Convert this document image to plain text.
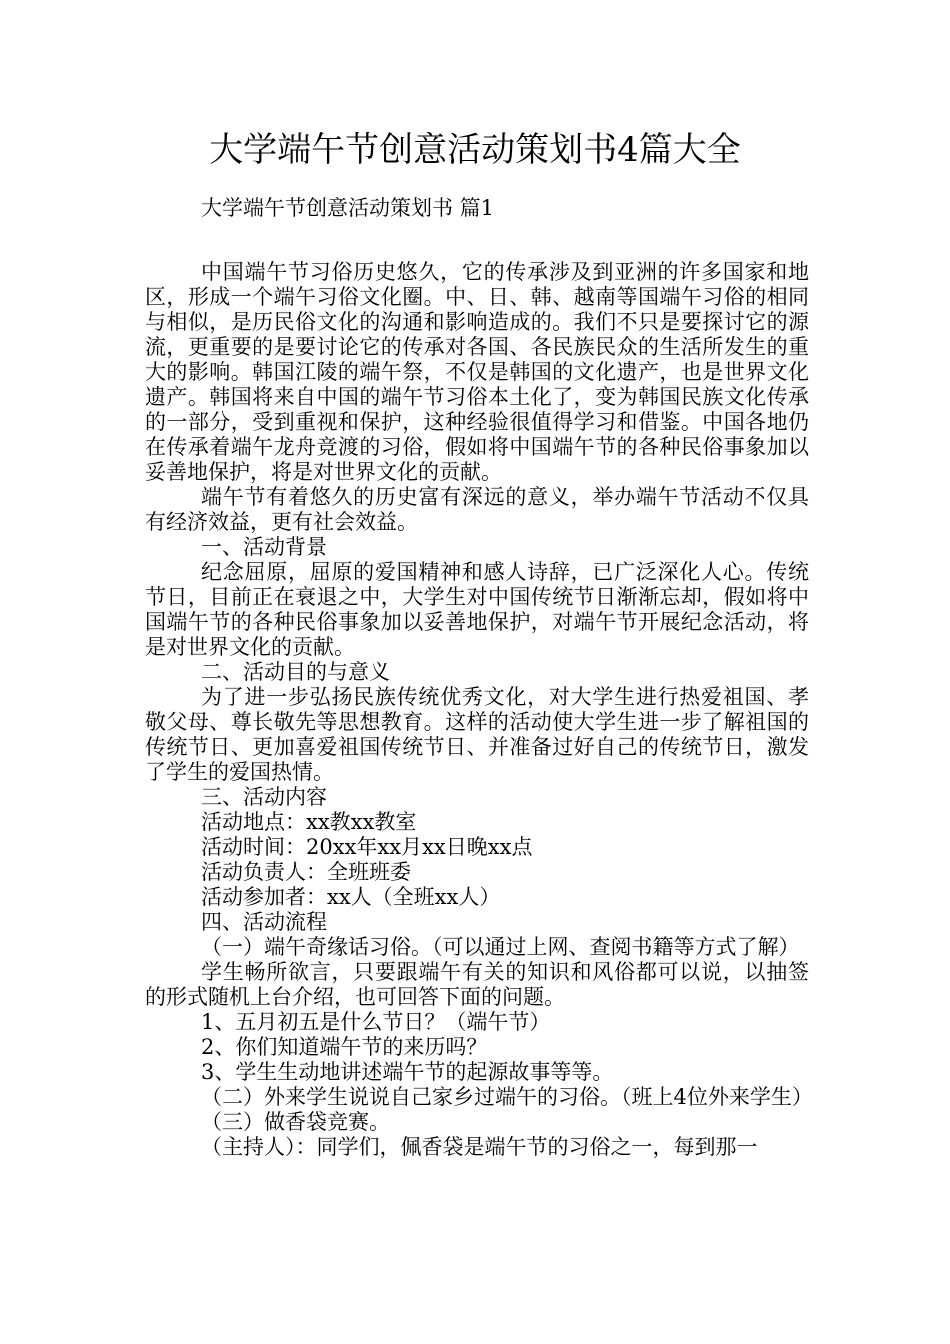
大学端午节创意活动策划书4篇大全

大学端午节创意活动策划书 篇1

中国端午节习俗历史悠久，它的传承涉及到亚洲的许多国家和地区，形成一个端午习俗文化圈。中、日、韩、越南等国端午习俗的相同与相似，是历民俗文化的沟通和影响造成的。我们不只是要探讨它的源流，更重要的是要讨论它的传承对各国、各民族民众的生活所发生的重大的影响。韩国江陵的端午祭，不仅是韩国的文化遗产，也是世界文化遗产。韩国将来自中国的端午节习俗本土化了，变为韩国民族文化传承的一部分，受到重视和保护，这种经验很值得学习和借鉴。中国各地仍在传承着端午龙舟竞渡的习俗，假如将中国端午节的各种民俗事象加以妥善地保护，将是对世界文化的贡献。

端午节有着悠久的历史富有深远的意义，举办端午节活动不仅具有经济效益，更有社会效益。

一、活动背景

纪念屈原，屈原的爱国精神和感人诗辞，已广泛深化人心。传统节日，目前正在衰退之中，大学生对中国传统节日渐渐忘却，假如将中国端午节的各种民俗事象加以妥善地保护，对端午节开展纪念活动，将是对世界文化的贡献。

二、活动目的与意义

为了进一步弘扬民族传统优秀文化，对大学生进行热爱祖国、孝敬父母、尊长敬先等思想教育。这样的活动使大学生进一步了解祖国的传统节日、更加喜爱祖国传统节日、并准备过好自己的传统节日，激发了学生的爱国热情。

三、活动内容

活动地点：xx教xx教室

活动时间：20xx年xx月xx日晚xx点

活动负责人：全班班委

活动参加者：xx人（全班xx人）

四、活动流程

（一）端午奇缘话习俗。（可以通过上网、查阅书籍等方式了解）

学生畅所欲言，只要跟端午有关的知识和风俗都可以说，以抽签的形式随机上台介绍，也可回答下面的问题。

1、五月初五是什么节日？（端午节）

2、你们知道端午节的来历吗？

3、学生生动地讲述端午节的起源故事等等。

（二）外来学生说说自己家乡过端午的习俗。（班上4位外来学生）

（三）做香袋竞赛。

（主持人）：同学们，佩香袋是端午节的习俗之一，每到那一
